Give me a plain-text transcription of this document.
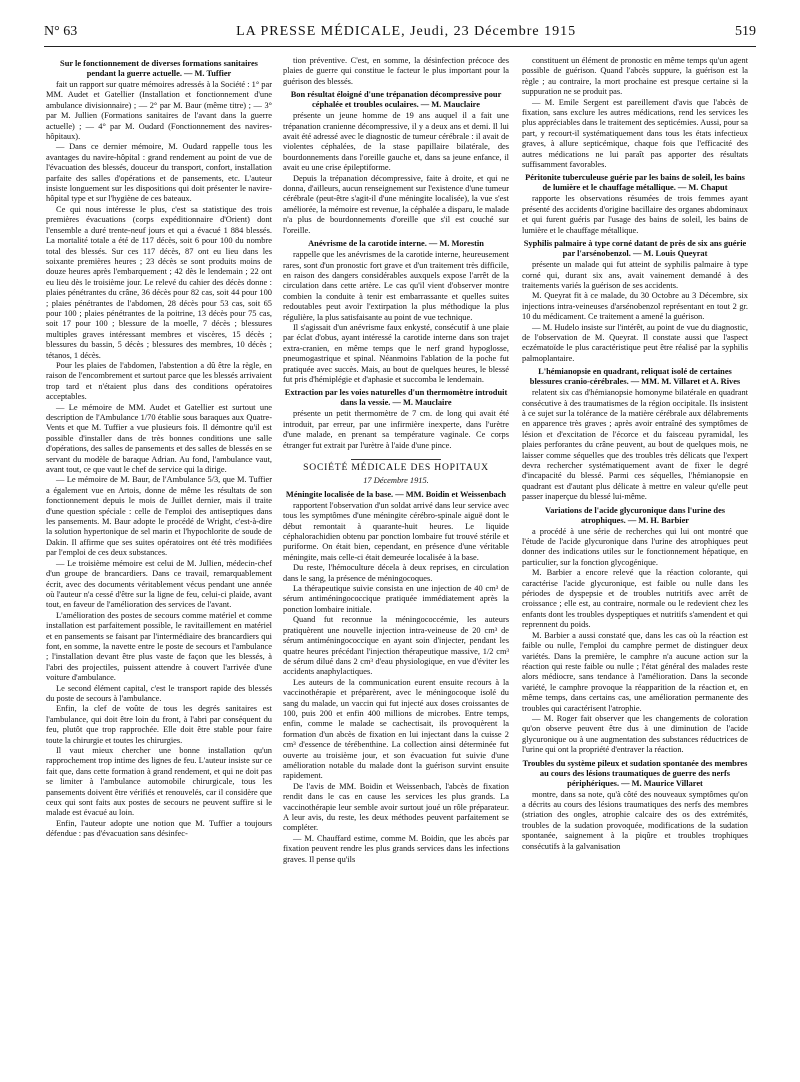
N° 63	LA PRESSE MÉDICALE, Jeudi, 23 Décembre 1915	519

Sur le fonctionnement de diverses formations sanitaires pendant la guerre actuelle. — M. Tuffier

fait un rapport sur quatre mémoires adressés à la Société : 1° par MM. Audet et Gatellier (Installation et fonctionnement d'une ambulance divisionnaire) ; — 2° par M. Baur (même titre) ; — 3° par M. Jullien (Formations sanitaires de l'avant dans la guerre actuelle) ; — 4° par M. Oudard (Fonctionnement des navires-hôpitaux).

— Dans ce dernier mémoire, M. Oudard rappelle tous les avantages du navire-hôpital : grand rendement au point de vue de l'évacuation des blessés, douceur du transport, confort, installation parfaite des salles d'opérations et de pansements, etc. L'auteur insiste longuement sur les dispositions qui doit présenter le navire-hôpital type et sur l'hygiène de ces bateaux.

Ce qui nous intéresse le plus, c'est sa statistique des trois premières évacuations (corps expéditionnaire d'Orient) dont l'ensemble a duré trente-neuf jours et qui a évacué 1 884 blessés. La mortalité totale a été de 117 décès, soit 6 pour 100 du nombre total des blessés. Sur ces 117 décès, 87 ont eu lieu dans les soixante premières heures ; 23 décès se sont produits moins de douze heures après l'embarquement ; 42 dès le lendemain ; 22 ont eu lieu dès le troisième jour. Le relevé du cahier des décès donne : plaies pénétrantes du crâne, 36 décès pour 82 cas, soit 44 pour 100 ; plaies pénétrantes de l'abdomen, 28 décès pour 53 cas, soit 65 pour 100 ; plaies pénétrantes de la poitrine, 13 décès pour 75 cas, soit 17 pour 100 ; blessure de la moelle, 7 décès ; blessures multiples graves intéressant membres et viscères, 15 décès ; blessures du bassin, 5 décès ; blessures des membres, 10 décès ; tétanos, 1 décès.

Pour les plaies de l'abdomen, l'abstention a dû être la règle, en raison de l'encombrement et surtout parce que les blessés arrivaient trop tard et n'étaient plus dans des conditions opératoires acceptables.

— Le mémoire de MM. Audet et Gatellier est surtout une description de l'Ambulance 1/70 établie sous baraques aux Quatre-Vents et que M. Tuffier a vue plusieurs fois. Il démontre qu'il est possible d'installer dans de très bonnes conditions une salle d'opérations, des salles de pansements et des salles de blessés en se servant du modèle de baraque Adrian. Au fond, l'ambulance vaut, avant tout, ce que vaut le chef de service qui la dirige.

— Le mémoire de M. Baur, de l'Ambulance 5/3, que M. Tuffier a également vue en Artois, donne de même les résultats de son fonctionnement depuis le mois de Juillet dernier, mais il traite d'une question spéciale : celle de l'emploi des antiseptiques dans les pansements. M. Baur adopte le procédé de Wright, c'est-à-dire la solution hypertonique de sel marin et l'hypochlorite de soude de Dakin. Il affirme que ses suites opératoires ont été très modifiées par l'emploi de ces deux substances.

— Le troisième mémoire est celui de M. Jullien, médecin-chef d'un groupe de brancardiers. Dans ce travail, remarquablement écrit, avec des documents véritablement vécus pendant une année où l'auteur n'a cessé d'être sur la ligne de feu, celui-ci plaide, avant tout, en faveur de l'amélioration des services de l'avant.

L'amélioration des postes de secours comme matériel et comme installation est parfaitement possible, le ravitaillement en matériel et en pansements se faisant par l'intermédiaire des brancardiers qui font, en somme, la navette entre le poste de secours et l'ambulance ; l'installation devant être plus vaste de façon que les blessés, à l'abri des projectiles, puissent attendre à couvert l'arrivée d'une voiture d'ambulance.

Le second élément capital, c'est le transport rapide des blessés du poste de secours à l'ambulance.

Enfin, la clef de voûte de tous les degrés sanitaires est l'ambulance, qui doit être loin du front, à l'abri par conséquent du feu, plutôt que trop rapprochée. Elle doit être stable pour faire toute la chirurgie et toutes les chirurgies.

Il vaut mieux chercher une bonne installation qu'un rapprochement trop intime des lignes de feu. L'auteur insiste sur ce fait que, dans cette formation à grand rendement, et qui ne doit pas se limiter à l'ambulance automobile chirurgicale, tous les pansements doivent être vérifiés et renouvelés, car il considère que ceux qui sont faits aux postes de secours ne peuvent suffire si le malade est évacué au loin.

Enfin, l'auteur adopte une notion que M. Tuffier a toujours défendue : pas d'évacuation sans désinfec-

tion préventive. C'est, en somme, la désinfection précoce des plaies de guerre qui constitue le facteur le plus important pour la guérison des blessés.

Bon résultat éloigné d'une trépanation décompressive pour céphalée et troubles oculaires. — M. Mauclaire

présente un jeune homme de 19 ans auquel il a fait une trépanation cranienne décompressive, il y a deux ans et demi. Il lui avait été adressé avec le diagnostic de tumeur cérébrale : il avait de violentes céphalées, de la stase papillaire bilatérale, des bourdonnements dans l'oreille gauche et, dans sa jeune enfance, il avait eu une crise épileptiforme.

Depuis la trépanation décompressive, faite à droite, et qui ne donna, d'ailleurs, aucun renseignement sur l'existence d'une tumeur cérébrale (peut-être s'agit-il d'une méningite localisée), la vue s'est améliorée, la mémoire est revenue, la céphalée a disparu, le malade n'a plus de bourdonnements d'oreille que s'il est couché sur l'oreille.

Anévrisme de la carotide interne. — M. Morestin

rappelle que les anévrismes de la carotide interne, heureusement rares, sont d'un pronostic fort grave et d'un traitement très difficile, en raison des dangers considérables auxquels expose l'arrêt de la circulation dans cette artère. Le cas qu'il vient d'observer montre combien la conduite à tenir est embarrassante et quelles suites redoutables peut avoir l'extirpation la plus méthodique la plus régulière, la plus satisfaisante au point de vue technique.

Il s'agissait d'un anévrisme faux enkysté, consécutif à une plaie par éclat d'obus, ayant intéressé la carotide interne dans son trajet extra-cranien, en même temps que le nerf grand hypoglosse, pneumogastrique et spinal. Néanmoins l'ablation de la poche fut pratiquée avec succès. Mais, au bout de quelques heures, le blessé fut pris d'hémiplégie et d'aphasie et succomba le lendemain.

Extraction par les voies naturelles d'un thermomètre introduit dans la vessie. — M. Mauclaire

présente un petit thermomètre de 7 cm. de long qui avait été introduit, par erreur, par une infirmière inexperte, dans l'urètre d'une malade, en prenant sa température vaginale. Ce corps étranger fut extrait par l'urètre à l'aide d'une pince.

SOCIÉTÉ MÉDICALE DES HOPITAUX
17 Décembre 1915.

Méningite localisée de la base. — MM. Boidin et Weissenbach

rapportent l'observation d'un soldat arrivé dans leur service avec tous les symptômes d'une méningite cérébro-spinale aiguë dont le début remontait à quarante-huit heures. Le liquide céphalorachidien obtenu par ponction lombaire fut trouvé stérile et puriforme. On était bien, cependant, en présence d'une véritable méningite, mais celle-ci était demeurée localisée à la base.

Du reste, l'hémoculture décela à deux reprises, en circulation dans le sang, la présence de méningocoques.

La thérapeutique suivie consista en une injection de 40 cm³ de sérum antiméningococcique pratiquée immédiatement après la ponction lombaire initiale.

Quand fut reconnue la méningococcémie, les auteurs pratiquèrent une nouvelle injection intra-veineuse de 20 cm³ de sérum antiméningococcique en ayant soin d'injecter, pendant les quatre heures précédant l'injection thérapeutique massive, 1/2 cm³ de sérum dilué dans 2 cm³ d'eau physiologique, en vue d'éviter les accidents anaphylactiques.

Les auteurs de la communication eurent ensuite recours à la vaccinothérapie et préparèrent, avec le méningocoque isolé du sang du malade, un vaccin qui fut injecté aux doses croissantes de 100, puis 200 et enfin 400 millions de microbes. Entre temps, enfin, comme le malade se cachectisait, ils provoquèrent la formation d'un abcès de fixation en lui injectant dans la cuisse 2 cm³ d'essence de térébenthine. La collection ainsi déterminée fut ouverte au troisième jour, et son évacuation fut suivie d'une amélioration notable du malade dont la guérison survint ensuite rapidement.

De l'avis de MM. Boidin et Weissenbach, l'abcès de fixation rendit dans le cas en cause les services les plus grands. La vaccinothérapie leur semble avoir surtout joué un rôle préparateur. A leur avis, du reste, les deux méthodes peuvent parfaitement se compléter.

— M. Chauffard estime, comme M. Boidin, que les abcès par fixation peuvent rendre les plus grands services dans les infections graves. Il pense qu'ils

constituent un élément de pronostic en même temps qu'un agent possible de guérison. Quand l'abcès suppure, la guérison est la règle ; au contraire, la mort prochaine est presque certaine si la suppuration ne se produit pas.

— M. Emile Sergent est pareillement d'avis que l'abcès de fixation, sans exclure les autres médications, rend les services les plus appréciables dans le traitement des septicémies. Aussi, pour sa part, y recourt-il systématiquement dans tous les états infectieux graves, à allure septicémique, chaque fois que l'efficacité des autres médications ne lui paraît pas apporter des résultats suffisamment favorables.

Péritonite tuberculeuse guérie par les bains de soleil, les bains de lumière et le chauffage métallique. — M. Chaput

rapporte les observations résumées de trois femmes ayant présenté des accidents d'origine bacillaire des organes abdominaux et qui furent guéris par l'usage des bains de soleil, les bains de lumière et le chauffage métallique.

Syphilis palmaire à type corné datant de près de six ans guérie par l'arsénobenzol. — M. Louis Queyrat

présente un malade qui fut atteint de syphilis palmaire à type corné qui, durant six ans, avait vainement demandé à des traitements variés la guérison de ses accidents.

M. Queyrat fit à ce malade, du 30 Octobre au 3 Décembre, six injections intra-veineuses d'arsénobenzol représentant en tout 2 gr. 10 du médicament. Ce traitement a amené la guérison.

— M. Hudelo insiste sur l'intérêt, au point de vue du diagnostic, de l'observation de M. Queyrat. Il constate aussi que l'aspect eczématoïde le plus caractéristique peut être réalisé par la syphilis palmoplantaire.

L'hémianopsie en quadrant, reliquat isolé de certaines blessures cranio-cérébrales. — MM. M. Villaret et A. Rives

relatent six cas d'hémianopsie homonyme bilatérale en quadrant consécutive à des traumatismes de la région occipitale. Ils insistent à ce sujet sur la tolérance de la matière cérébrale aux délabrements en apparence très graves ; après avoir entraîné des symptômes de lésion et d'excitation de l'écorce et du faisceau pyramidal, les plaies perforantes du crâne peuvent, au bout de quelques mois, ne laisser comme séquelles que des troubles très délicats que l'expert devra rechercher systématiquement avant de fixer le degré d'incapacité du blessé. Parmi ces séquelles, l'hémianopsie en quadrant est d'autant plus délicate à mettre en valeur qu'elle peut passer inaperçue du blessé lui-même.

Variations de l'acide glycuronique dans l'urine des atrophiques. — M. H. Barbier

a procédé à une série de recherches qui lui ont montré que l'étude de l'acide glycuronique dans l'urine des atrophiques peut donner des indications utiles sur le fonctionnement hépatique, en particulier, sur la fonction glycogénique.

M. Barbier a encore relevé que la réaction colorante, qui caractérise l'acide glycuronique, est faible ou nulle dans les périodes de dyspepsie et de troubles nutritifs avec arrêt de croissance ; elle est, au contraire, normale ou le redevient chez les enfants dont les troubles dyspeptiques et nutritifs s'amendent et qui reprennent du poids.

M. Barbier a aussi constaté que, dans les cas où la réaction est faible ou nulle, l'emploi du camphre permet de distinguer deux variétés. Dans la première, le camphre n'a aucune action sur la réaction qui reste faible ou nulle ; l'état général des malades reste alors médiocre, sans tendance à l'amélioration. Dans la seconde variété, le camphre provoque la réapparition de la réaction et, en même temps, dans certains cas, une amélioration permanente des troubles qui caractérisent l'atrophie.

— M. Roger fait observer que les changements de coloration qu'on observe peuvent être dus à une diminution de l'acide glycuronique ou à une augmentation des substances réductrices de l'urine qui ont la propriété d'entraver la réaction.

Troubles du système pileux et sudation spontanée des membres au cours des lésions traumatiques de guerre des nerfs périphériques. — M. Maurice Villaret

montre, dans sa note, qu'à côté des nouveaux symptômes qu'on a décrits au cours des lésions traumatiques des nerfs des membres (striation des ongles, atrophie calcaire des os des extrémités, troubles de la sudation provoquée, modifications de la sudation spontanée, saignement à la piqûre et troubles trophiques consécutifs à la galvanisation
